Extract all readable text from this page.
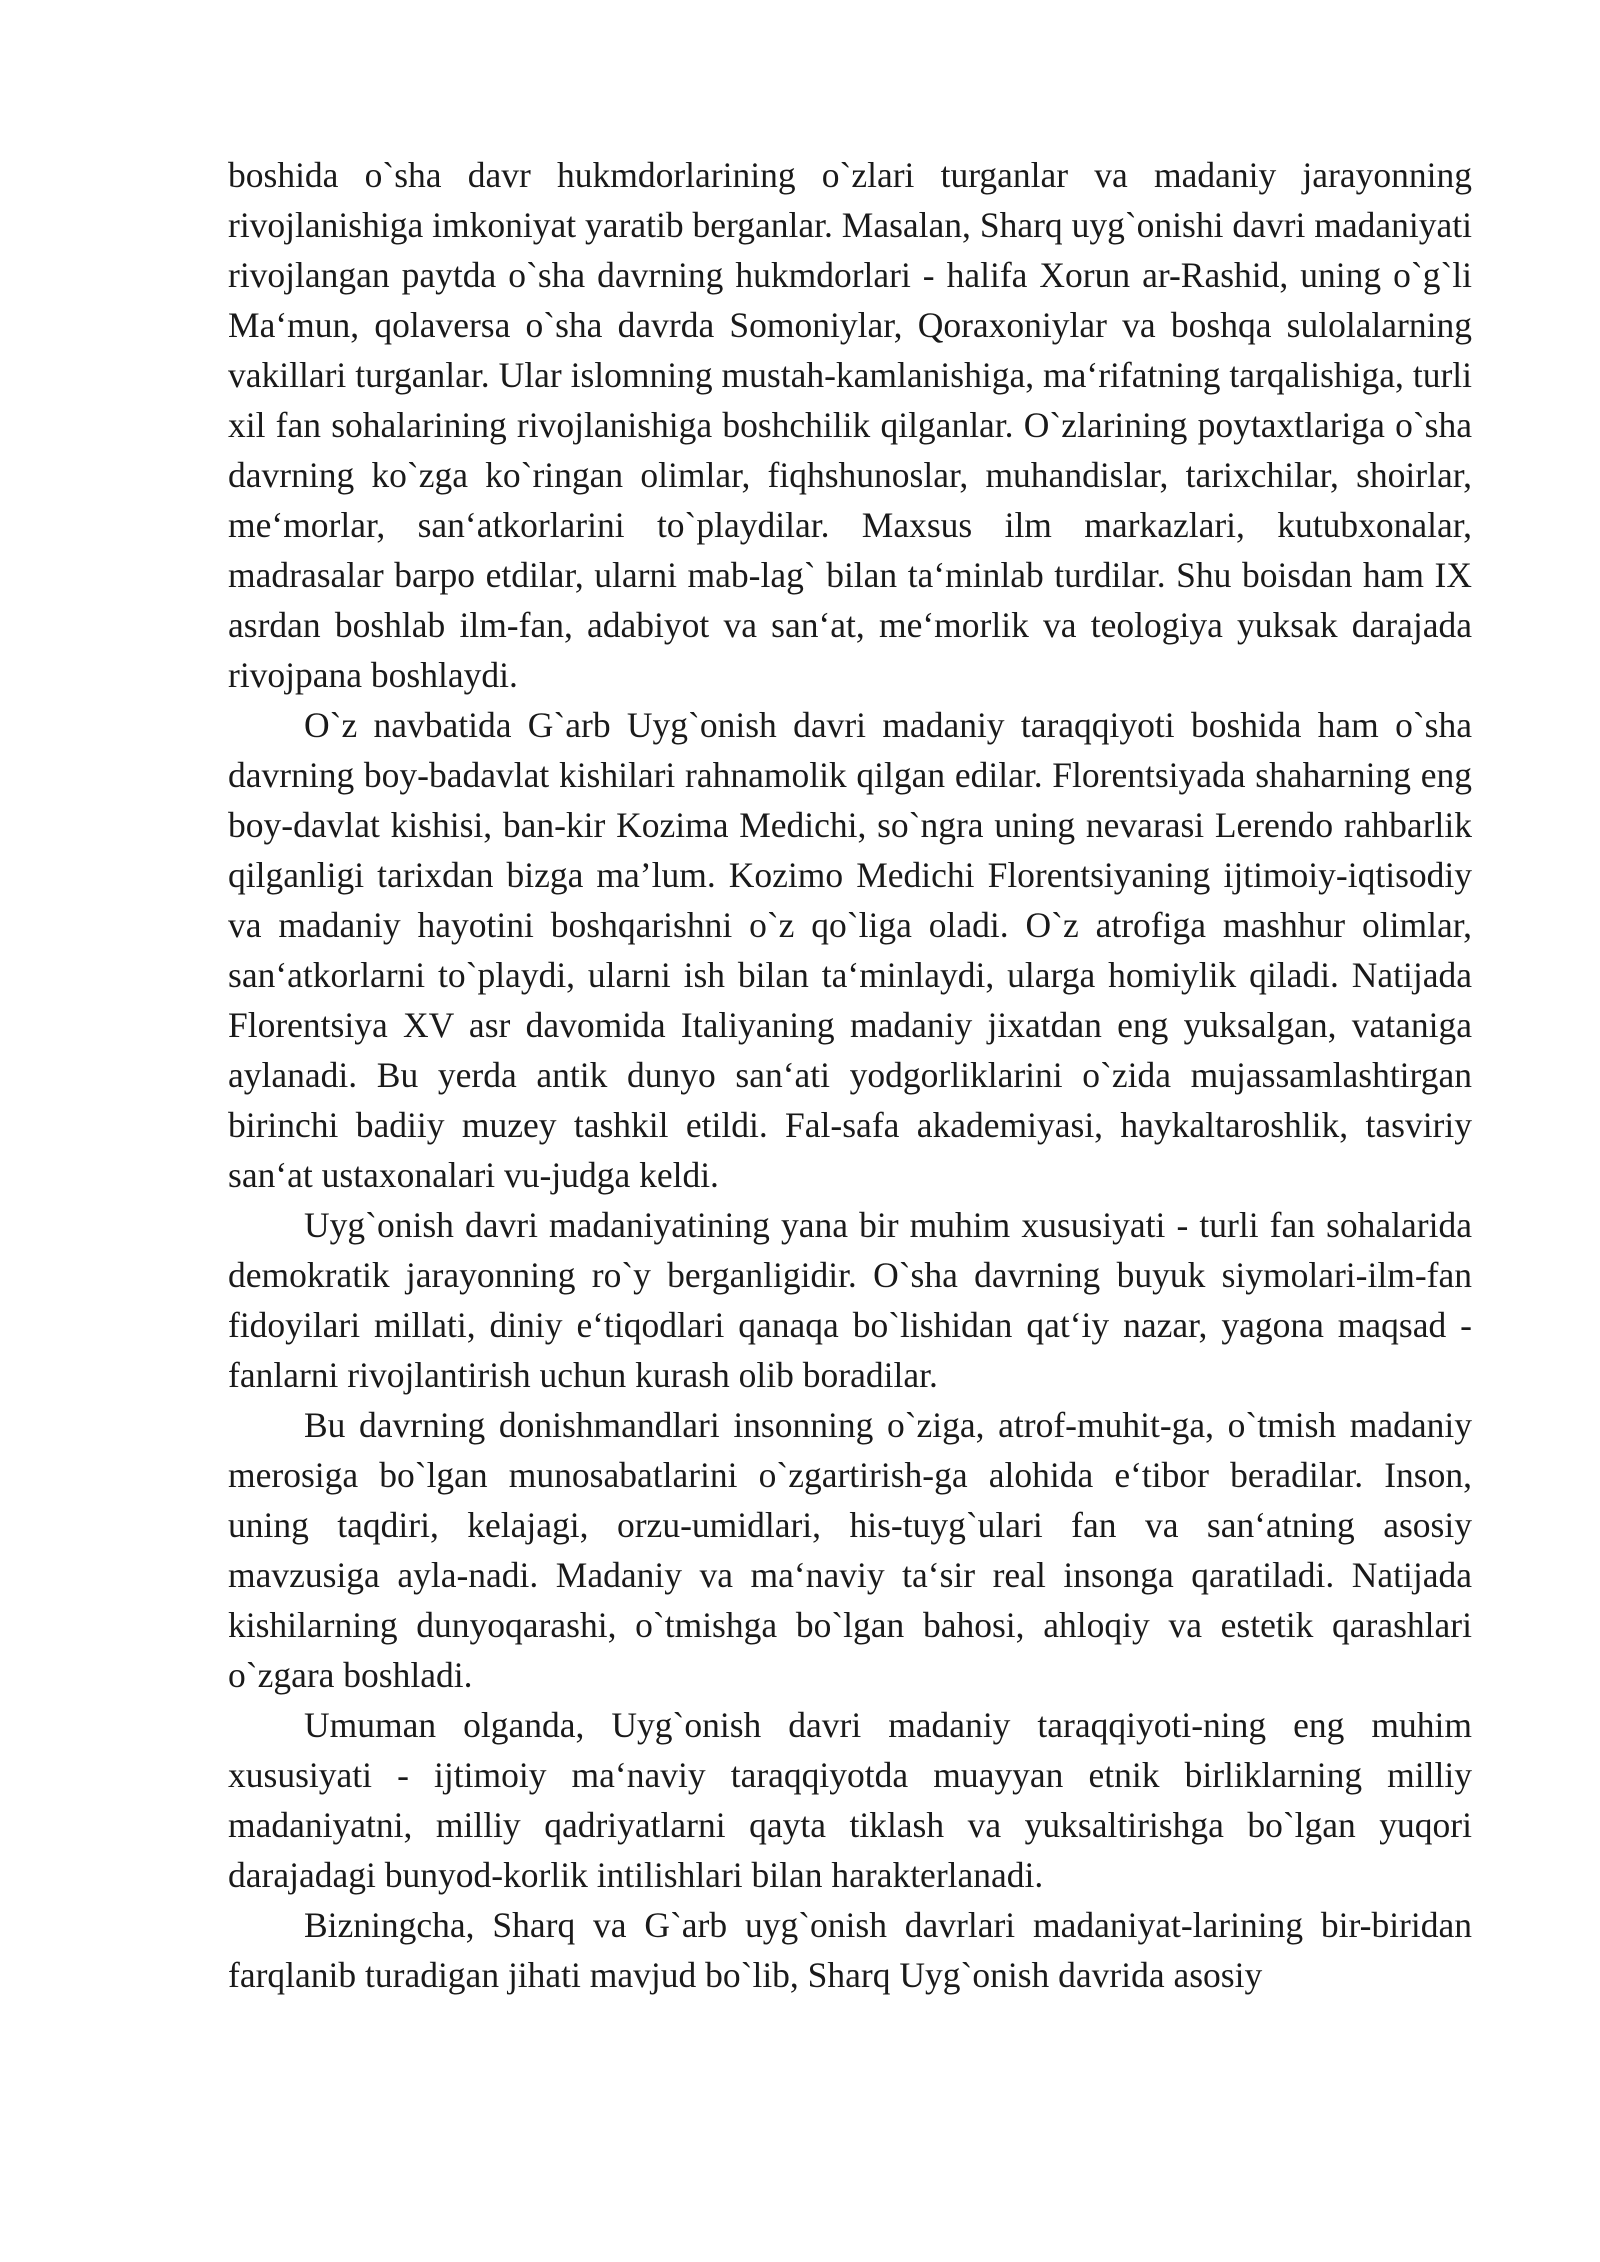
boshida o`sha davr hukmdorlarining o`zlari turganlar va madaniy jarayonning rivojlanishiga imkoniyat yaratib berganlar. Masalan, Sharq uyg`onishi davri madaniyati rivojlangan paytda o`sha davrning hukmdorlari - halifa Xorun ar-Rashid, uning o`g`li Ma‘mun, qolaversa o`sha davrda Somoniylar, Qoraxoniylar va boshqa sulolalarning vakillari turganlar. Ular islomning mustah-kamlanishiga, ma‘rifatning tarqalishiga, turli xil fan sohalarining rivojlanishiga boshchilik qilganlar. O`zlarining poytaxtlariga o`sha davrning ko`zga ko`ringan olimlar, fiqhshunoslar, muhandislar, tarixchilar, shoirlar, me‘morlar, san‘atkorlarini to`playdilar. Maxsus ilm markazlari, kutubxonalar, madrasalar barpo etdilar, ularni mab-lag` bilan ta‘minlab turdilar. Shu boisdan ham IX asrdan boshlab ilm-fan, adabiyot va san‘at, me‘morlik va teologiya yuksak darajada rivojpana boshlaydi.

O`z navbatida G`arb Uyg`onish davri madaniy taraqqiyoti boshida ham o`sha davrning boy-badavlat kishilari rahnamolik qilgan edilar. Florentsiyada shaharning eng boy-davlat kishisi, ban-kir Kozima Medichi, so`ngra uning nevarasi Lerendo rahbarlik qilganligi tarixdan bizga ma’lum. Kozimo Medichi Florentsiyaning ijtimoiy-iqtisodiy va madaniy hayotini boshqarishni o`z qo`liga oladi. O`z atrofiga mashhur olimlar, san‘atkorlarni to`playdi, ularni ish bilan ta‘minlaydi, ularga homiylik qiladi. Natijada Florentsiya XV asr davomida Italiyaning madaniy jixatdan eng yuksalgan, vataniga aylanadi. Bu yerda antik dunyo san‘ati yodgorliklarini o`zida mujassamlashtirgan birinchi badiiy muzey tashkil etildi. Fal-safa akademiyasi, haykaltaroshlik, tasviriy san‘at ustaxonalari vu-judga keldi.

Uyg`onish davri madaniyatining yana bir muhim xususiyati - turli fan sohalarida demokratik jarayonning ro`y berganligidir. O`sha davrning buyuk siymolari-ilm-fan fidoyilari millati, diniy e‘tiqodlari qanaqa bo`lishidan qat‘iy nazar, yagona maqsad -fanlarni rivojlantirish uchun kurash olib boradilar.

Bu davrning donishmandlari insonning o`ziga, atrof-muhit-ga, o`tmish madaniy merosiga bo`lgan munosabatlarini o`zgartirish-ga alohida e‘tibor beradilar. Inson, uning taqdiri, kelajagi, orzu-umidlari, his-tuyg`ulari fan va san‘atning asosiy mavzusiga ayla-nadi. Madaniy va ma‘naviy ta‘sir real insonga qaratiladi. Natijada kishilarning dunyoqarashi, o`tmishga bo`lgan bahosi, ahloqiy va estetik qarashlari o`zgara boshladi.

Umuman olganda, Uyg`onish davri madaniy taraqqiyoti-ning eng muhim xususiyati - ijtimoiy ma‘naviy taraqqiyotda muayyan etnik birliklarning milliy madaniyatni, milliy qadriyatlarni qayta tiklash va yuksaltirishga bo`lgan yuqori darajadagi bunyod-korlik intilishlari bilan harakterlanadi.

Bizningcha, Sharq va G`arb uyg`onish davrlari madaniyat-larining bir-biridan farqlanib turadigan jihati mavjud bo`lib, Sharq Uyg`onish davrida asosiy
